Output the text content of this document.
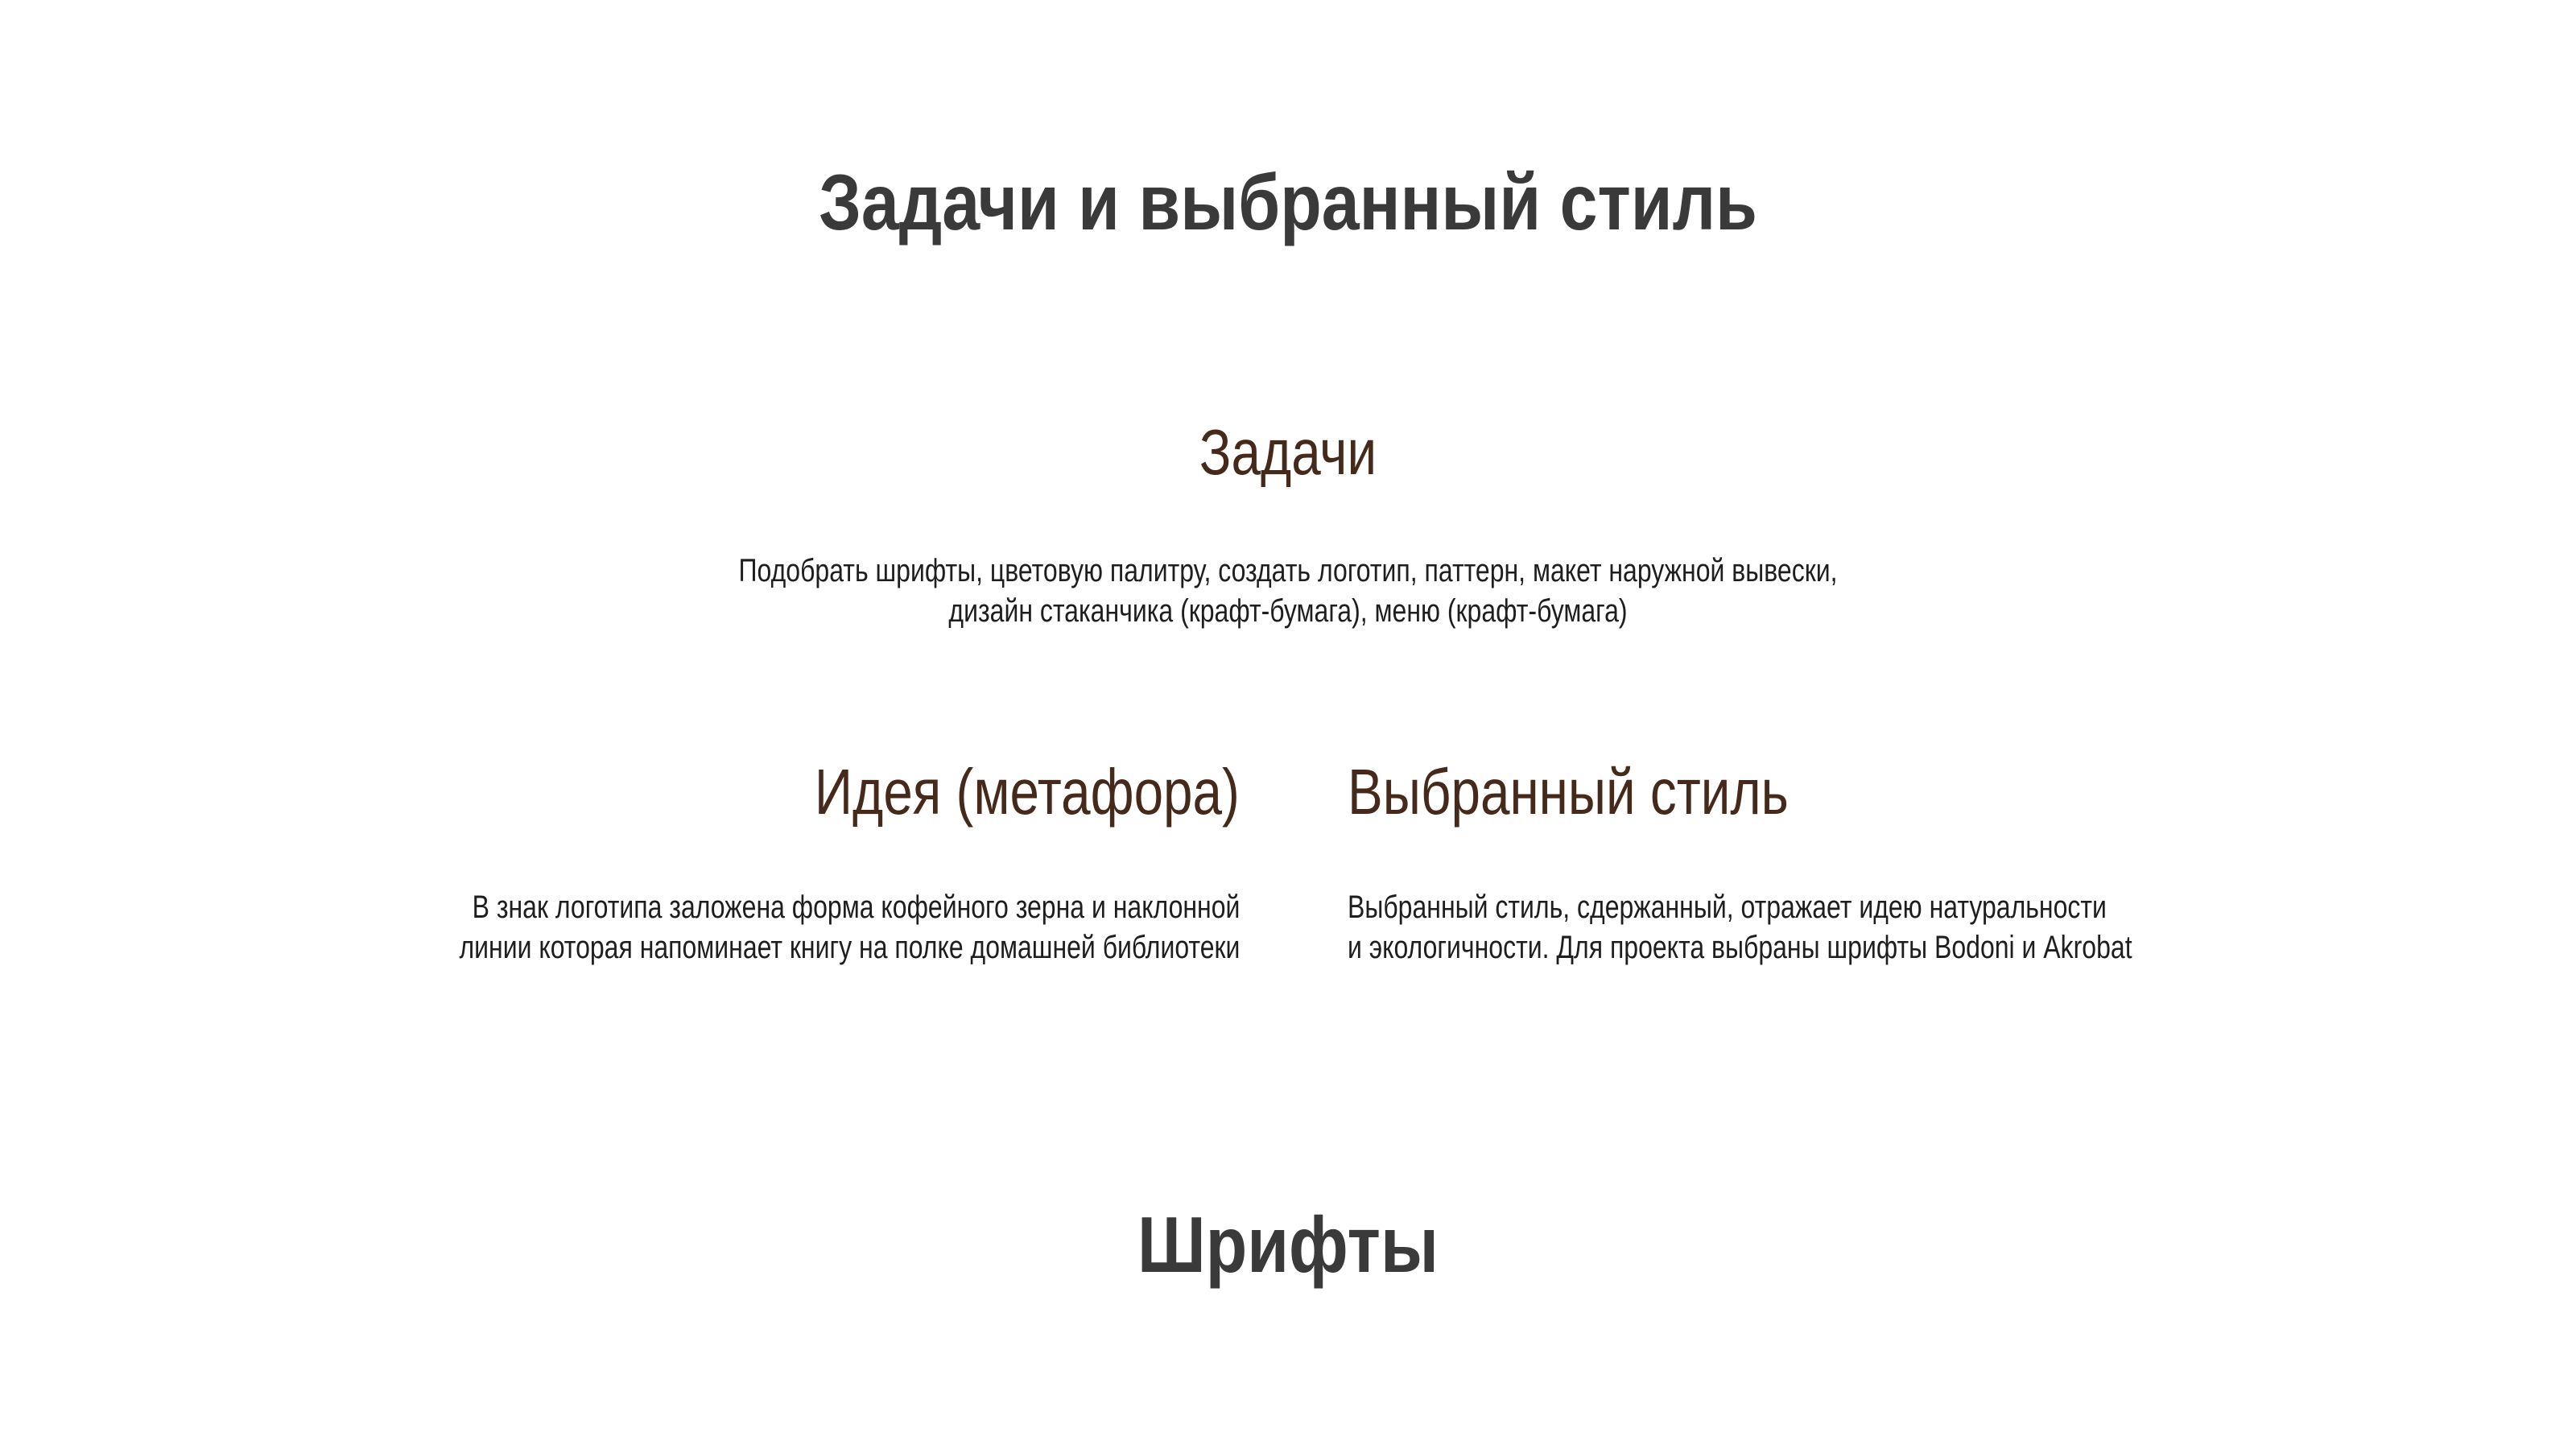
Задачи и выбранный стиль
Задачи

Подобрать шрифты, цветовую палитру, создать логотип, паттерн, макет наружной вывески,
дизайн стаканчика (крафт-бумага), меню (крафт-бумага)

Идея (метафора)

В знак логотипа заложена форма кофейного зерна и наклонной
линии которая напоминает книгу на полке домашней библиотеки

Выбранный стиль

Выбранный стиль, сдержанный, отражает идею натуральности
и экологичности. Для проекта выбраны шрифты Bodoni и Akrobat

Шрифты
